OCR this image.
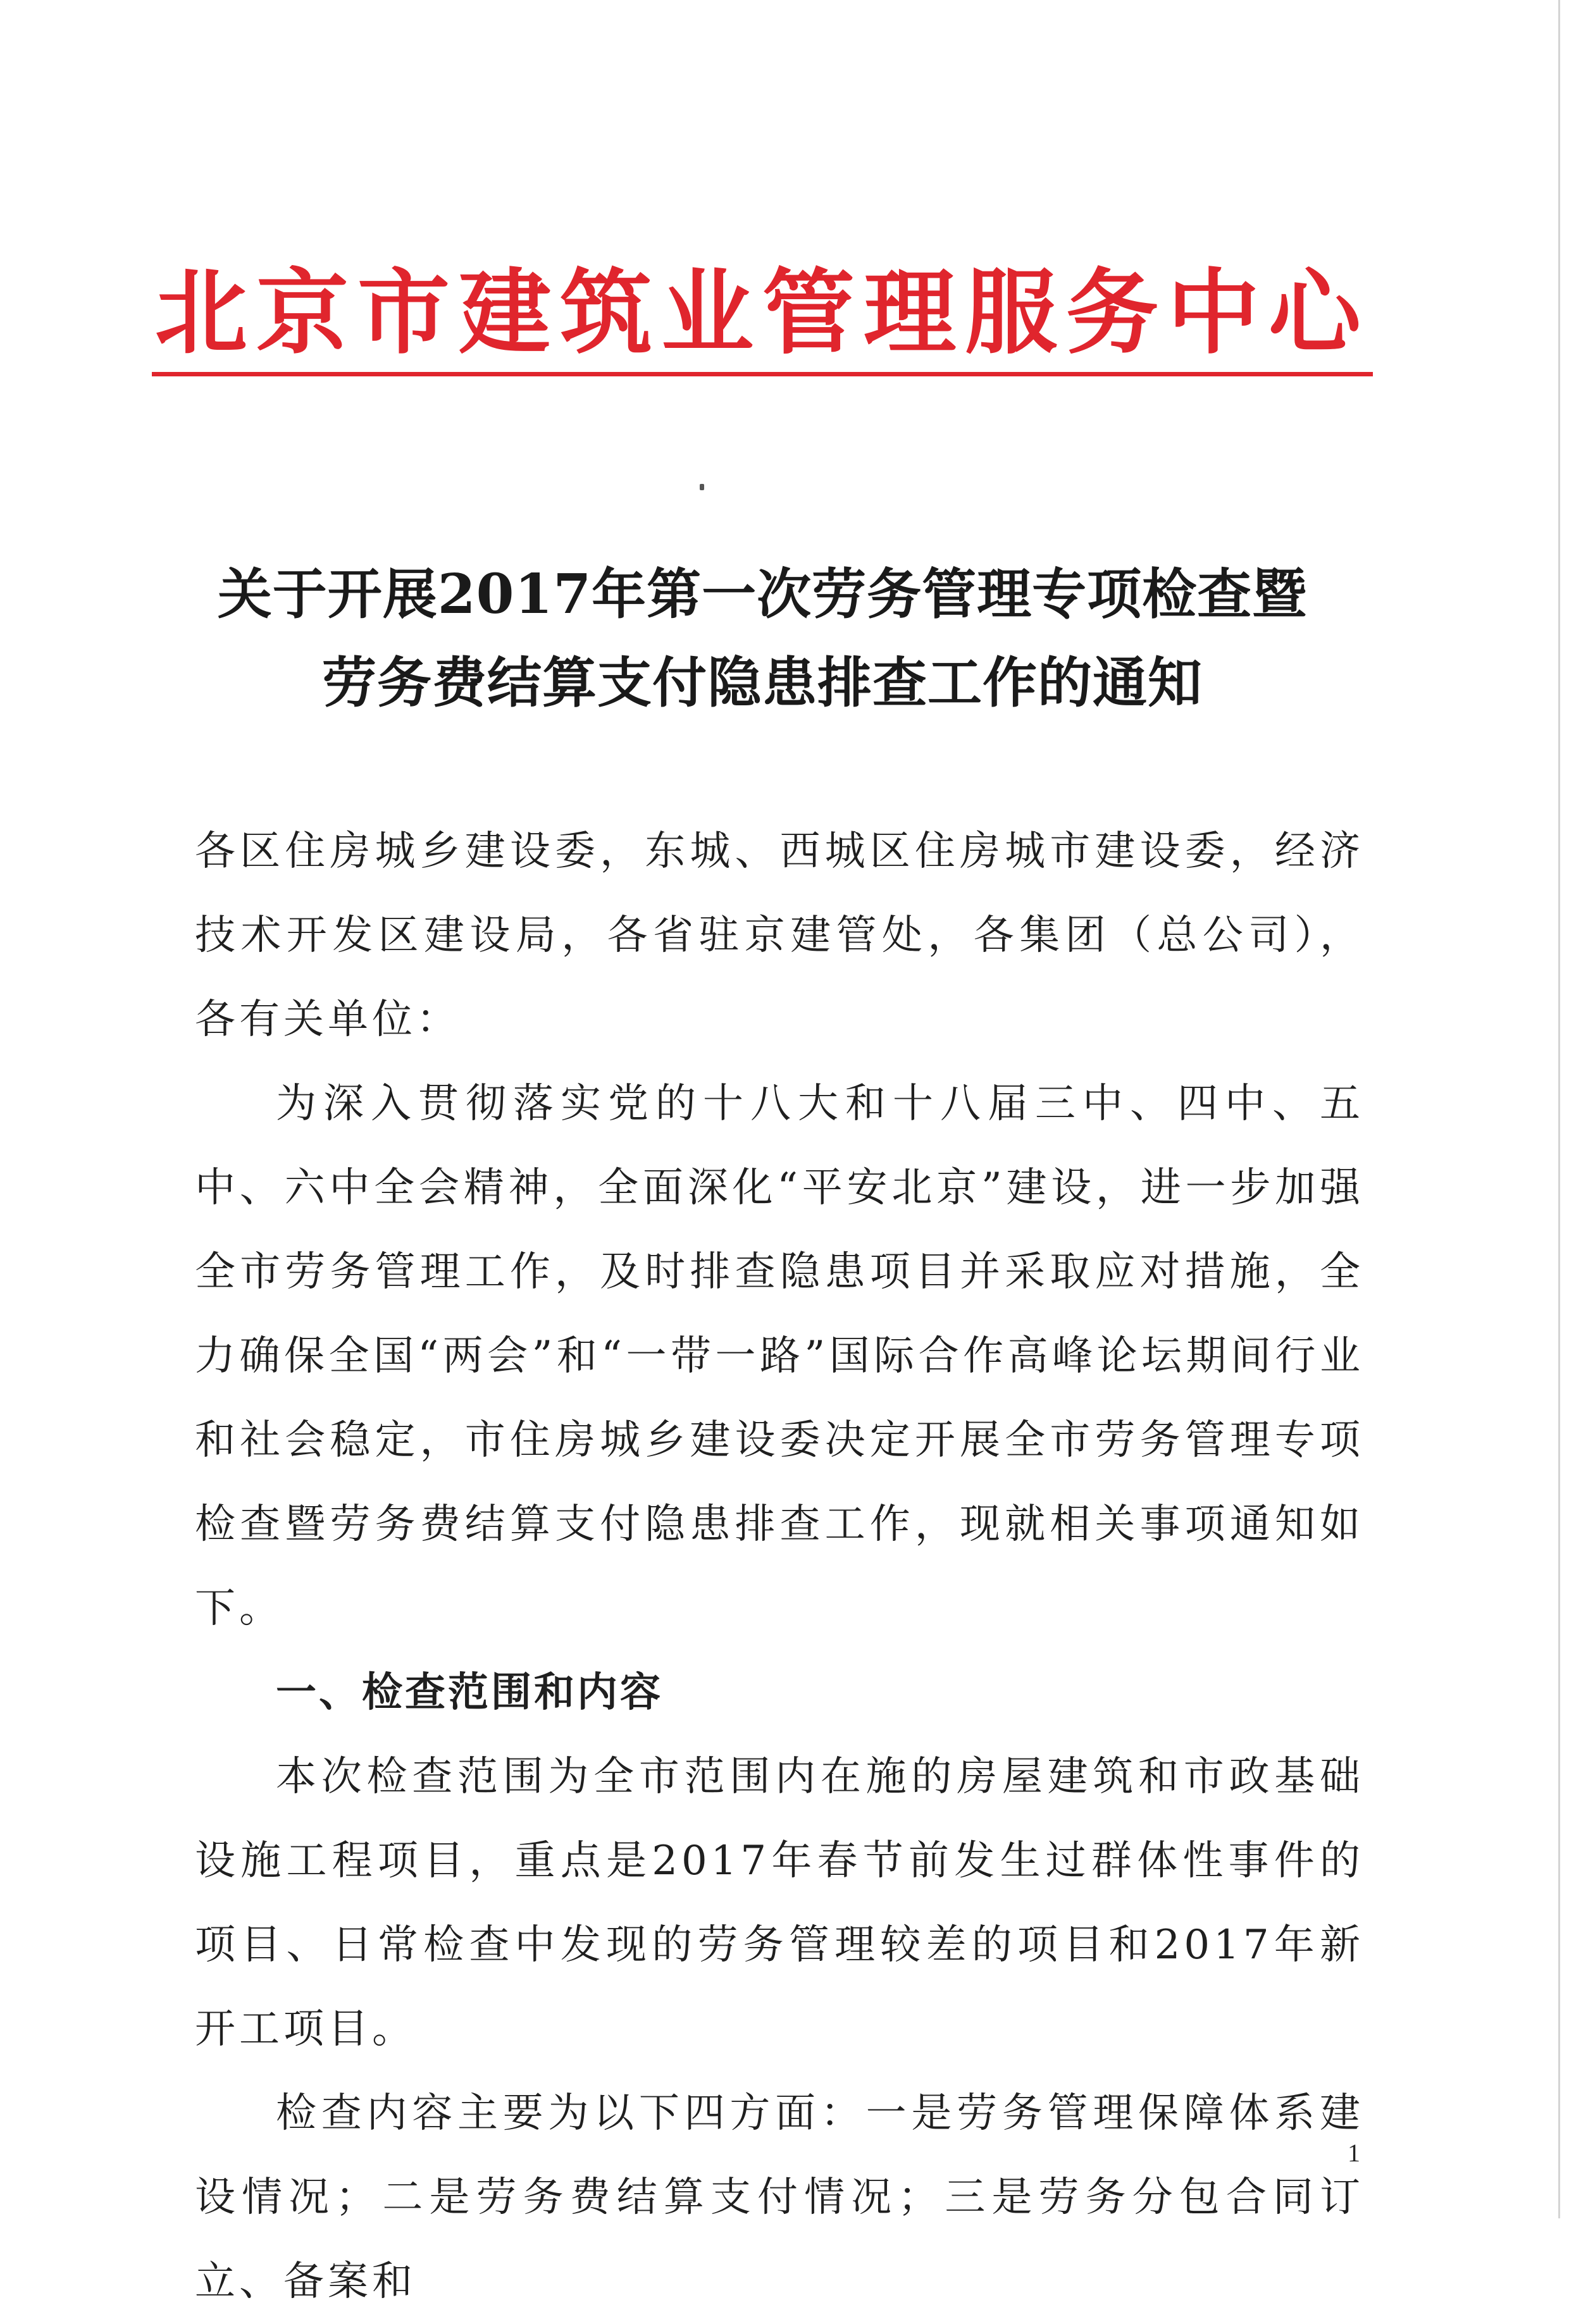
北京市建筑业管理服务中心
关于开展2017年第一次劳务管理专项检查暨
劳务费结算支付隐患排查工作的通知

各区住房城乡建设委，东城、西城区住房城市建设委，经济技术开发区建设局，各省驻京建管处，各集团（总公司），各有关单位：

为深入贯彻落实党的十八大和十八届三中、四中、五中、六中全会精神，全面深化“平安北京”建设，进一步加强全市劳务管理工作，及时排查隐患项目并采取应对措施，全力确保全国“两会”和“一带一路”国际合作高峰论坛期间行业和社会稳定，市住房城乡建设委决定开展全市劳务管理专项检查暨劳务费结算支付隐患排查工作，现就相关事项通知如下。

一、检查范围和内容

本次检查范围为全市范围内在施的房屋建筑和市政基础设施工程项目，重点是2017年春节前发生过群体性事件的项目、日常检查中发现的劳务管理较差的项目和2017年新开工项目。

检查内容主要为以下四方面：一是劳务管理保障体系建设情况；二是劳务费结算支付情况；三是劳务分包合同订立、备案和

1
